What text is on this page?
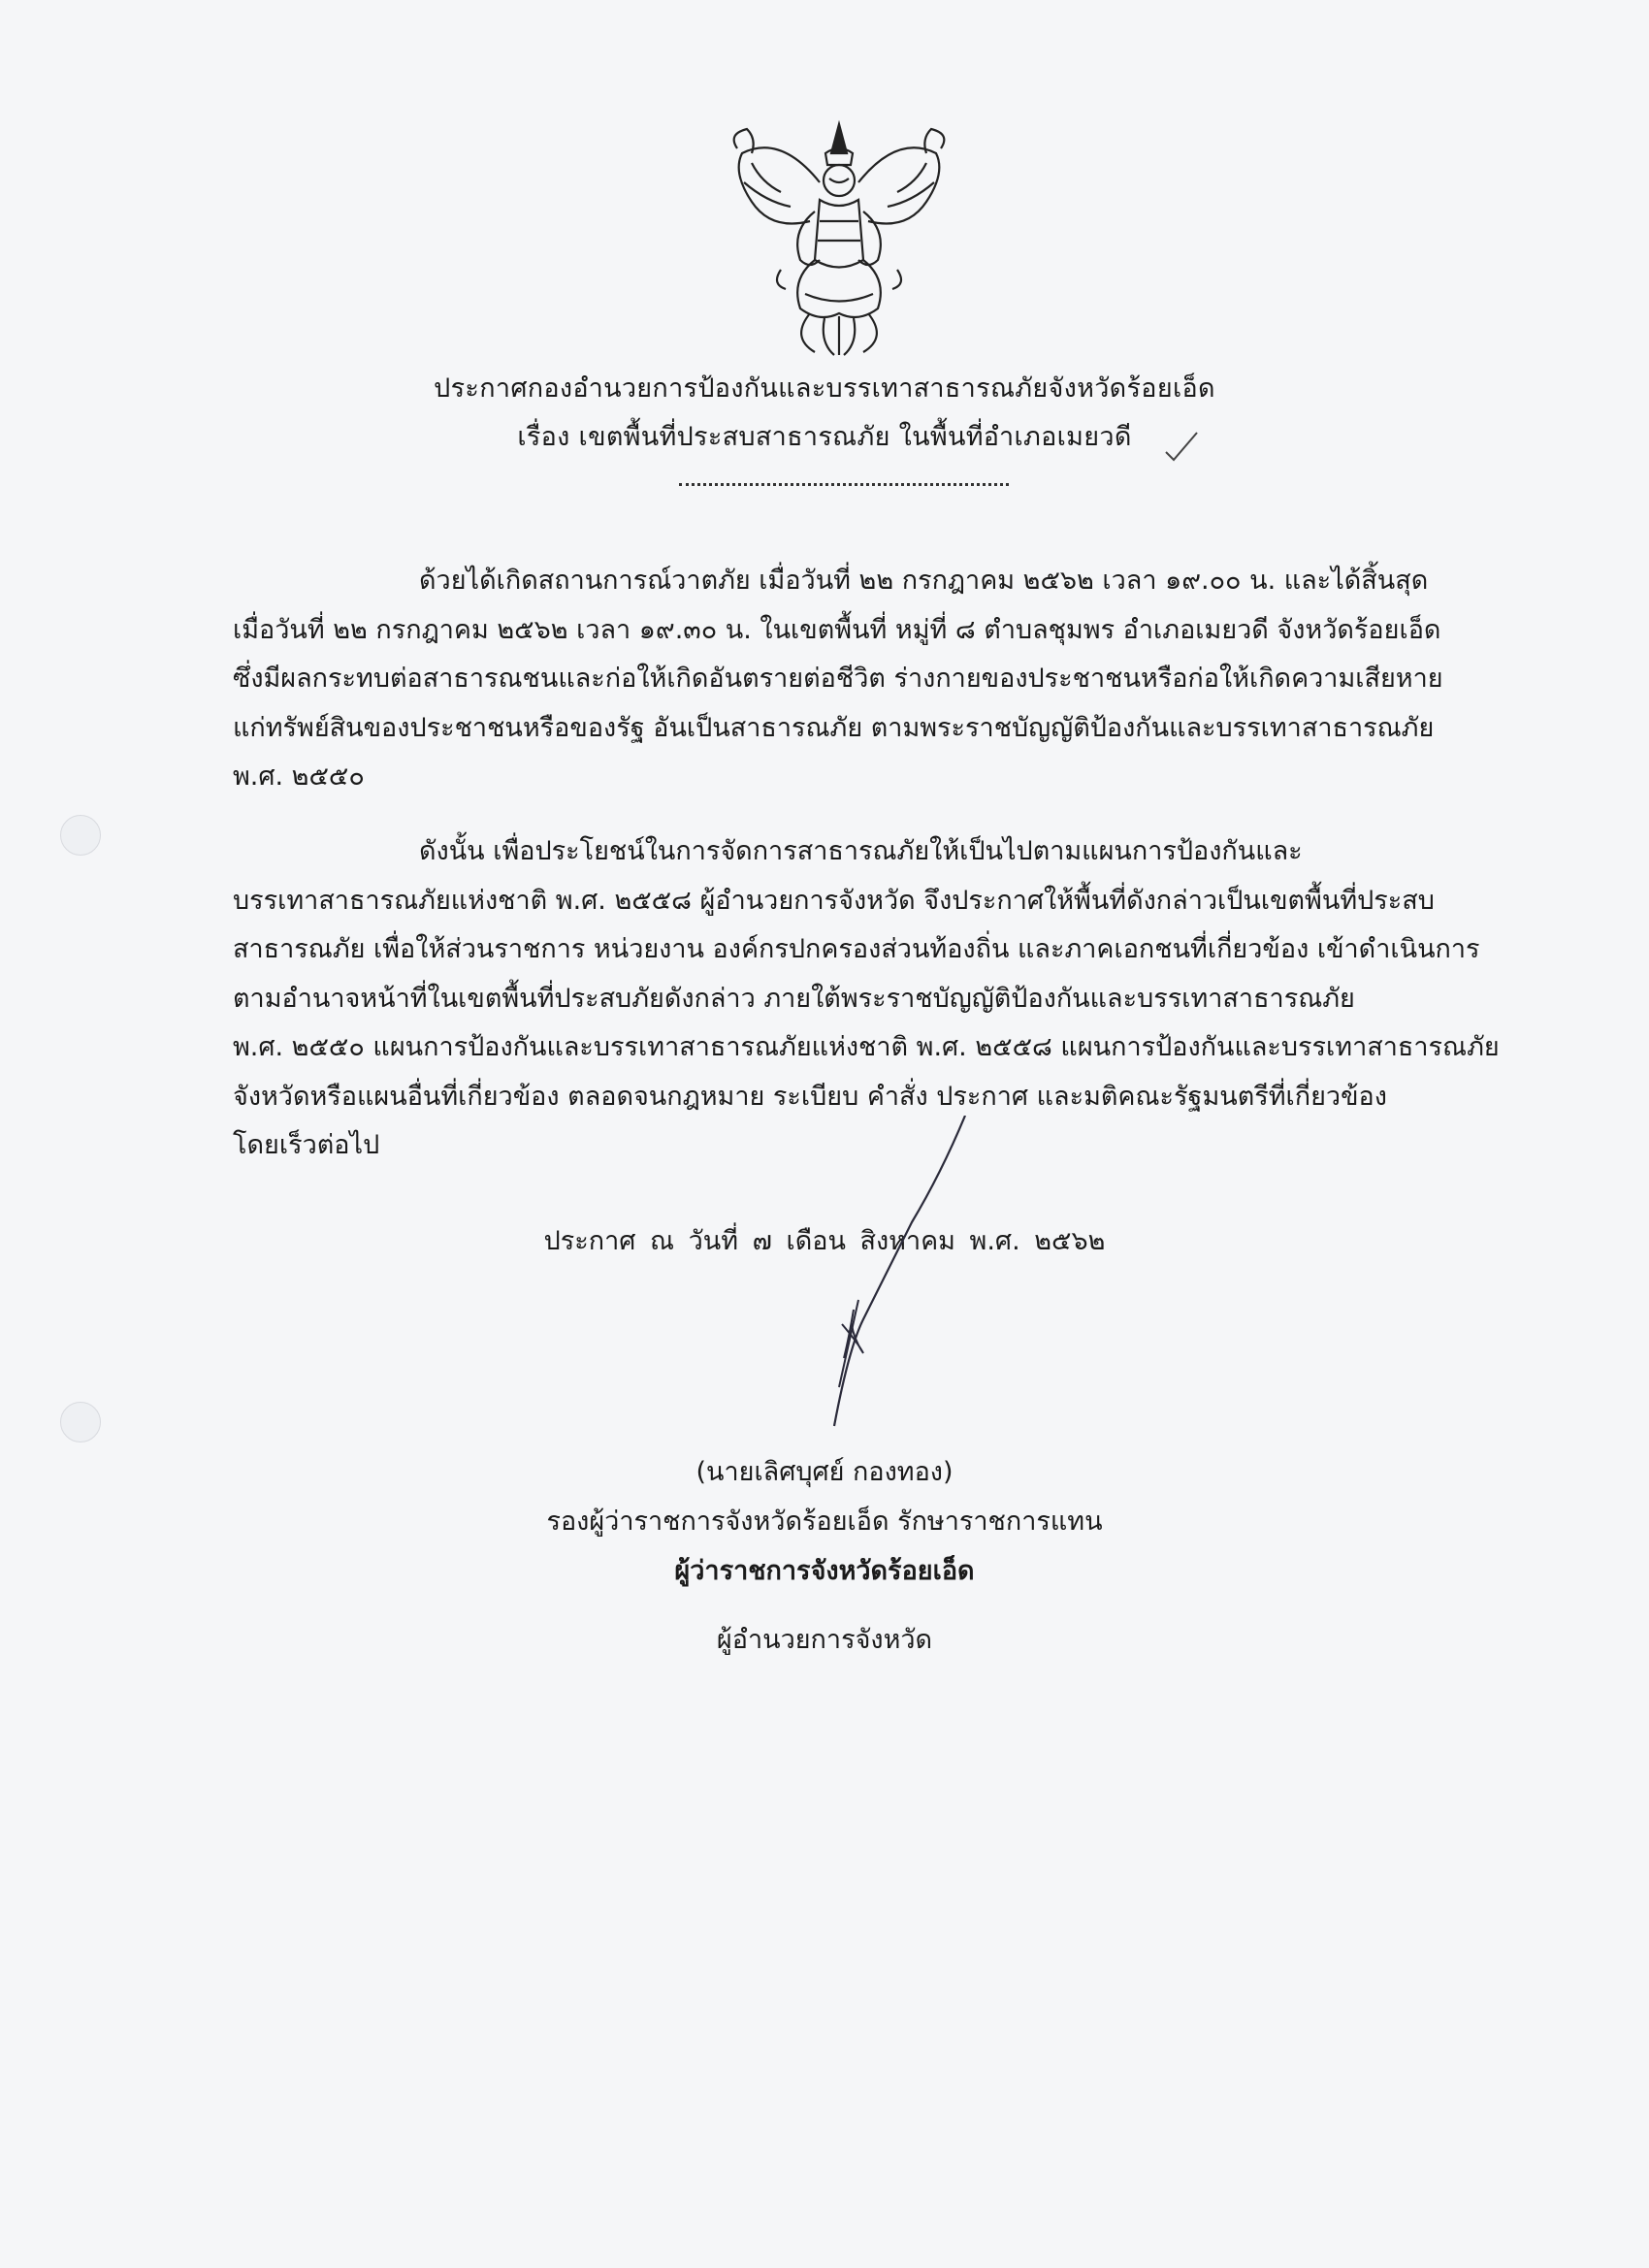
ประกาศกองอำนวยการป้องกันและบรรเทาสาธารณภัยจังหวัดร้อยเอ็ด
เรื่อง เขตพื้นที่ประสบสาธารณภัย ในพื้นที่อำเภอเมยวดี
ด้วยได้เกิดสถานการณ์วาตภัย เมื่อวันที่ ๒๒ กรกฎาคม ๒๕๖๒ เวลา ๑๙.๐๐ น. และได้สิ้นสุด
เมื่อวันที่ ๒๒ กรกฎาคม ๒๕๖๒ เวลา ๑๙.๓๐ น. ในเขตพื้นที่ หมู่ที่ ๘ ตำบลชุมพร อำเภอเมยวดี จังหวัดร้อยเอ็ด
ซึ่งมีผลกระทบต่อสาธารณชนและก่อให้เกิดอันตรายต่อชีวิต ร่างกายของประชาชนหรือก่อให้เกิดความเสียหาย
แก่ทรัพย์สินของประชาชนหรือของรัฐ อันเป็นสาธารณภัย ตามพระราชบัญญัติป้องกันและบรรเทาสาธารณภัย
พ.ศ. ๒๕๕๐
ดังนั้น เพื่อประโยชน์ในการจัดการสาธารณภัยให้เป็นไปตามแผนการป้องกันและ
บรรเทาสาธารณภัยแห่งชาติ พ.ศ. ๒๕๕๘ ผู้อำนวยการจังหวัด จึงประกาศให้พื้นที่ดังกล่าวเป็นเขตพื้นที่ประสบ
สาธารณภัย เพื่อให้ส่วนราชการ หน่วยงาน องค์กรปกครองส่วนท้องถิ่น และภาคเอกชนที่เกี่ยวข้อง เข้าดำเนินการ
ตามอำนาจหน้าที่ในเขตพื้นที่ประสบภัยดังกล่าว ภายใต้พระราชบัญญัติป้องกันและบรรเทาสาธารณภัย
พ.ศ. ๒๕๕๐ แผนการป้องกันและบรรเทาสาธารณภัยแห่งชาติ พ.ศ. ๒๕๕๘ แผนการป้องกันและบรรเทาสาธารณภัย
จังหวัดหรือแผนอื่นที่เกี่ยวข้อง ตลอดจนกฎหมาย ระเบียบ คำสั่ง ประกาศ และมติคณะรัฐมนตรีที่เกี่ยวข้อง
โดยเร็วต่อไป
ประกาศ ณ วันที่ ๗ เดือน สิงหาคม พ.ศ. ๒๕๖๒
(นายเลิศบุศย์ กองทอง)
รองผู้ว่าราชการจังหวัดร้อยเอ็ด รักษาราชการแทน
ผู้ว่าราชการจังหวัดร้อยเอ็ด
ผู้อำนวยการจังหวัด
